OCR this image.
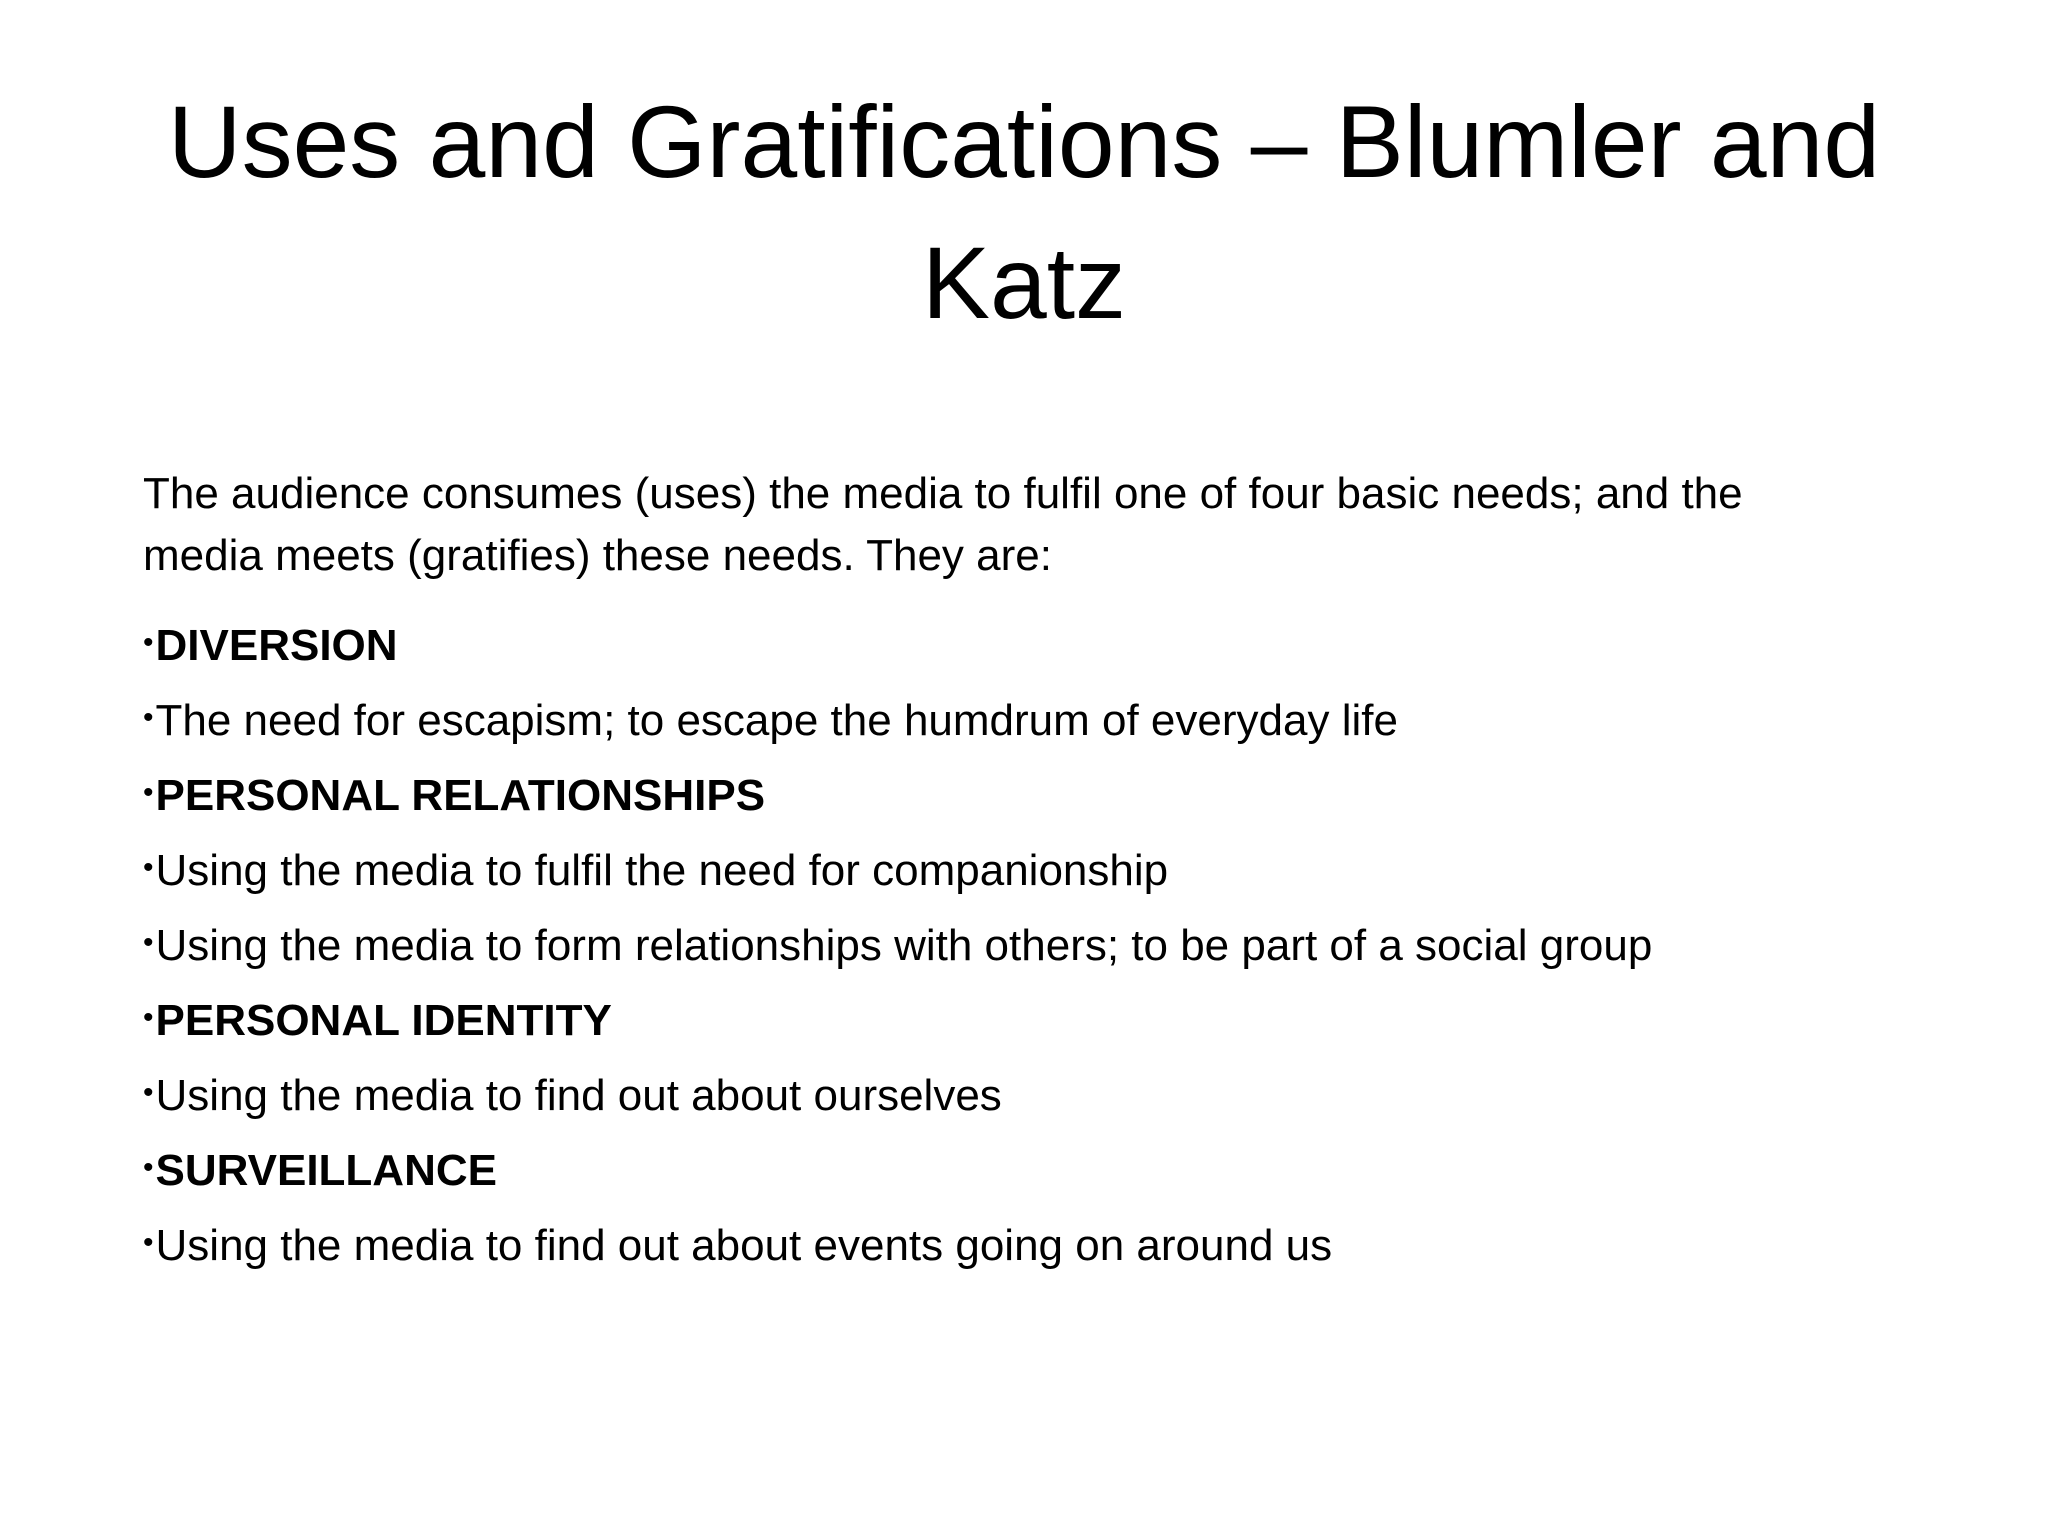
Uses and Gratifications – Blumler and
Katz

The audience consumes (uses) the media to fulfil one of four basic needs; and the
media meets (gratifies) these needs. They are:

•DIVERSION
•The need for escapism; to escape the humdrum of everyday life
•PERSONAL RELATIONSHIPS
•Using the media to fulfil the need for companionship
•Using the media to form relationships with others; to be part of a social group
•PERSONAL IDENTITY
•Using the media to find out about ourselves
•SURVEILLANCE
•Using the media to find out about events going on around us
